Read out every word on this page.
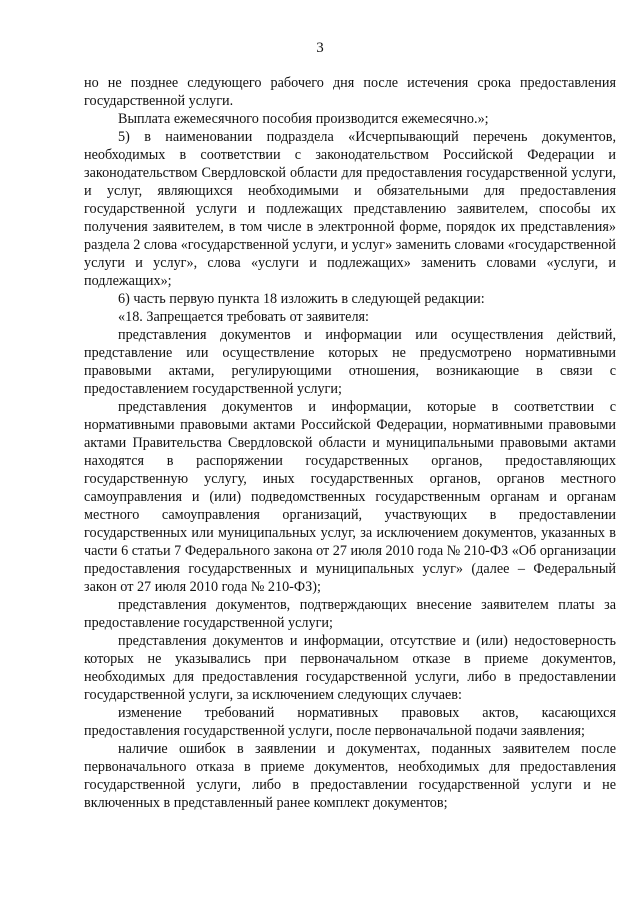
3

но не позднее следующего рабочего дня после истечения срока предоставления государственной услуги.

Выплата ежемесячного пособия производится ежемесячно.»;

5) в наименовании подраздела «Исчерпывающий перечень документов, необходимых в соответствии с законодательством Российской Федерации и законодательством Свердловской области для предоставления государственной услуги, и услуг, являющихся необходимыми и обязательными для предоставления государственной услуги и подлежащих представлению заявителем, способы их получения заявителем, в том числе в электронной форме, порядок их представления» раздела 2 слова «государственной услуги, и услуг» заменить словами «государственной услуги и услуг», слова «услуги и подлежащих» заменить словами «услуги, и подлежащих»;

6) часть первую пункта 18 изложить в следующей редакции:

«18. Запрещается требовать от заявителя:

представления документов и информации или осуществления действий, представление или осуществление которых не предусмотрено нормативными правовыми актами, регулирующими отношения, возникающие в связи с предоставлением государственной услуги;

представления документов и информации, которые в соответствии с нормативными правовыми актами Российской Федерации, нормативными правовыми актами Правительства Свердловской области и муниципальными правовыми актами находятся в распоряжении государственных органов, предоставляющих государственную услугу, иных государственных органов, органов местного самоуправления и (или) подведомственных государственным органам и органам местного самоуправления организаций, участвующих в предоставлении государственных или муниципальных услуг, за исключением документов, указанных в части 6 статьи 7 Федерального закона от 27 июля 2010 года № 210-ФЗ «Об организации предоставления государственных и муниципальных услуг» (далее – Федеральный закон от 27 июля 2010 года № 210-ФЗ);

представления документов, подтверждающих внесение заявителем платы за предоставление государственной услуги;

представления документов и информации, отсутствие и (или) недостоверность которых не указывались при первоначальном отказе в приеме документов, необходимых для предоставления государственной услуги, либо в предоставлении государственной услуги, за исключением следующих случаев:

изменение требований нормативных правовых актов, касающихся предоставления государственной услуги, после первоначальной подачи заявления;

наличие ошибок в заявлении и документах, поданных заявителем после первоначального отказа в приеме документов, необходимых для предоставления государственной услуги, либо в предоставлении государственной услуги и не включенных в представленный ранее комплект документов;
